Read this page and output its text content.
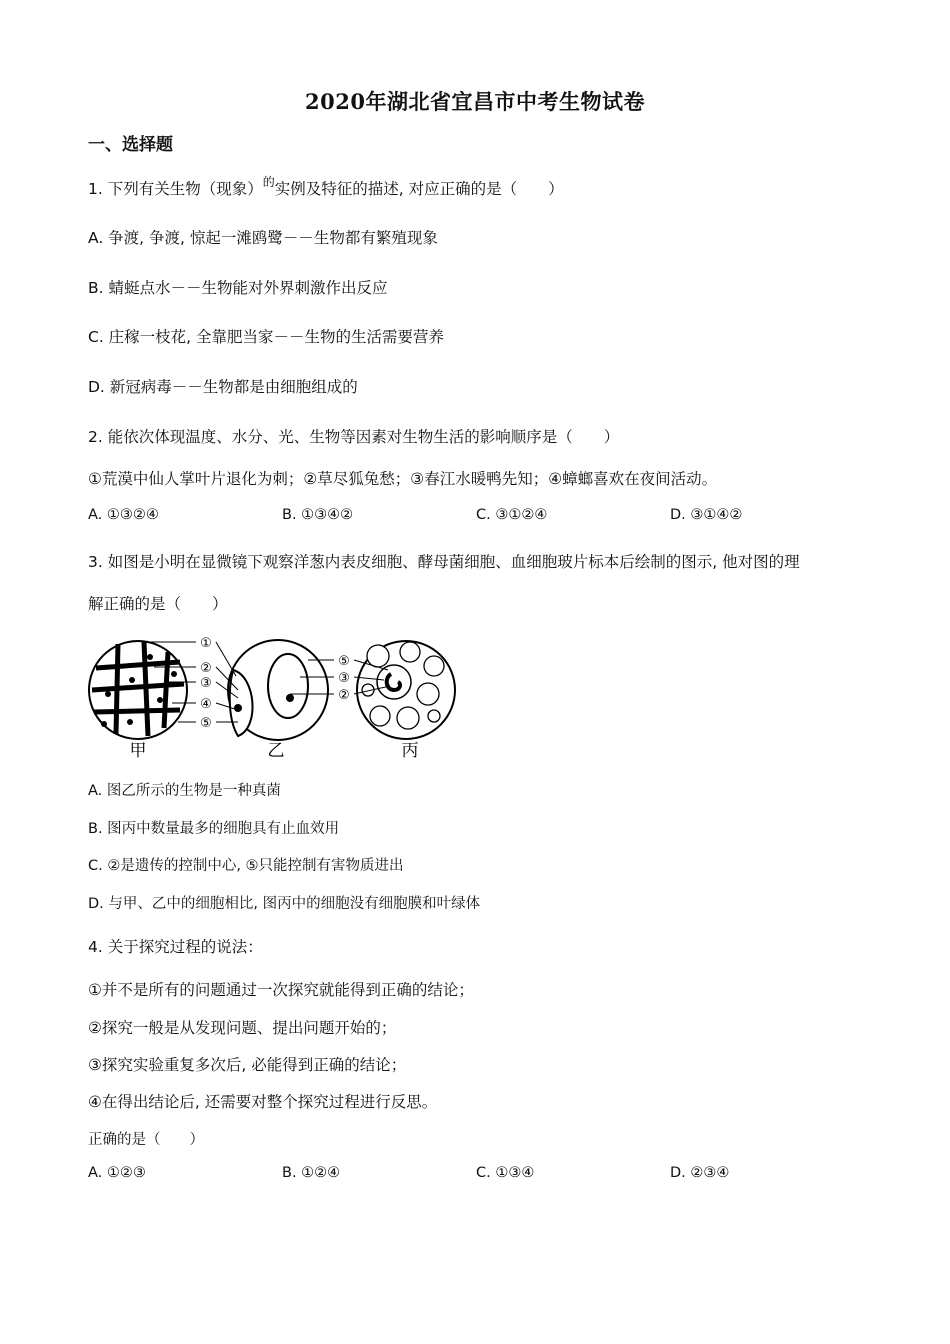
2020年湖北省宜昌市中考生物试卷
一、选择题
1. 下列有关生物（现象）$^的$实例及特征的描述, 对应正确的是（　　）
A. 争渡, 争渡, 惊起一滩鸥鹭－－生物都有繁殖现象
B. 蜻蜓点水－－生物能对外界刺激作出反应
C. 庄稼一枝花, 全靠肥当家－－生物的生活需要营养
D. 新冠病毒－－生物都是由细胞组成的
2. 能依次体现温度、水分、光、生物等因素对生物生活的影响顺序是（　　）
①荒漠中仙人掌叶片退化为刺；②草尽狐兔愁；③春江水暖鸭先知；④蟑螂喜欢在夜间活动。
A. ①③②④	B. ①③④②	C. ③①②④	D. ③①④②
3. 如图是小明在显微镜下观察洋葱内表皮细胞、酵母菌细胞、血细胞玻片标本后绘制的图示, 他对图的理
解正确的是（　　）
①
②
③
④
⑤
⑤
③
②
甲	乙	丙
A. 图乙所示的生物是一种真菌
B. 图丙中数量最多的细胞具有止血效用
C. ②是遗传的控制中心, ⑤只能控制有害物质进出
D. 与甲、乙中的细胞相比, 图丙中的细胞没有细胞膜和叶绿体
4. 关于探究过程的说法：
①并不是所有的问题通过一次探究就能得到正确的结论；
②探究一般是从发现问题、提出问题开始的；
③探究实验重复多次后, 必能得到正确的结论；
④在得出结论后, 还需要对整个探究过程进行反思。
正确的是（　　）
A. ①②③	B. ①②④	C. ①③④	D. ②③④
